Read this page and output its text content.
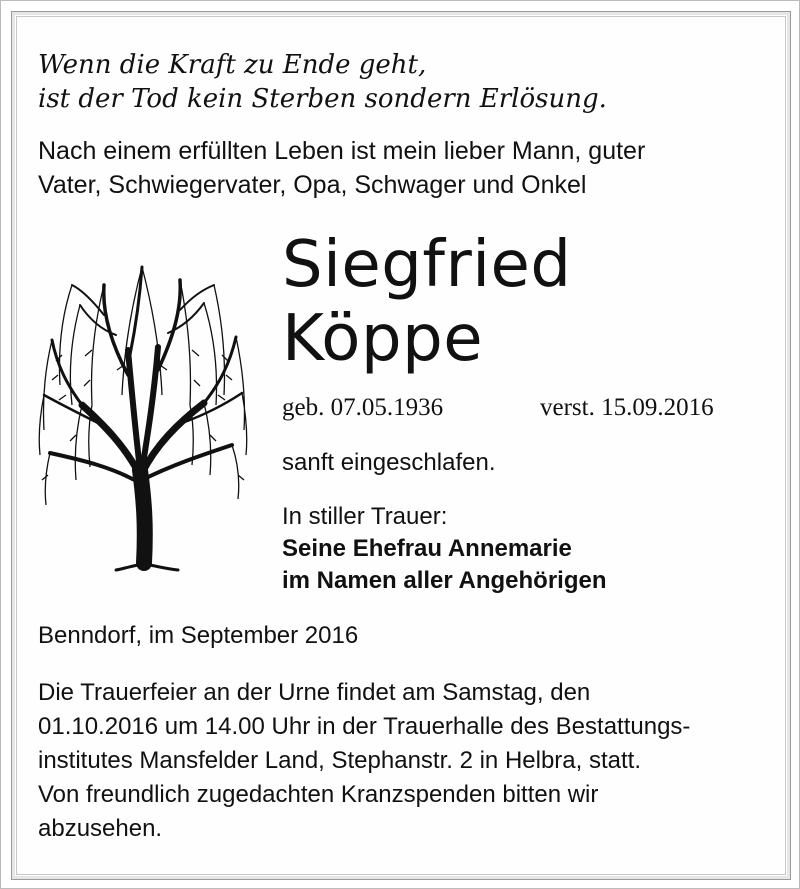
Wenn die Kraft zu Ende geht,
ist der Tod kein Sterben sondern Erlösung.
Nach einem erfüllten Leben ist mein lieber Mann, guter
Vater, Schwiegervater, Opa, Schwager und Onkel
Siegfried
Köppe
geb. 07.05.1936	verst. 15.09.2016
sanft eingeschlafen.
In stiller Trauer:
Seine Ehefrau Annemarie
im Namen aller Angehörigen
Benndorf, im September 2016
Die Trauerfeier an der Urne findet am Samstag, den
01.10.2016 um 14.00 Uhr in der Trauerhalle des Bestattungs-
institutes Mansfelder Land, Stephanstr. 2 in Helbra, statt.
Von freundlich zugedachten Kranzspenden bitten wir
abzusehen.
